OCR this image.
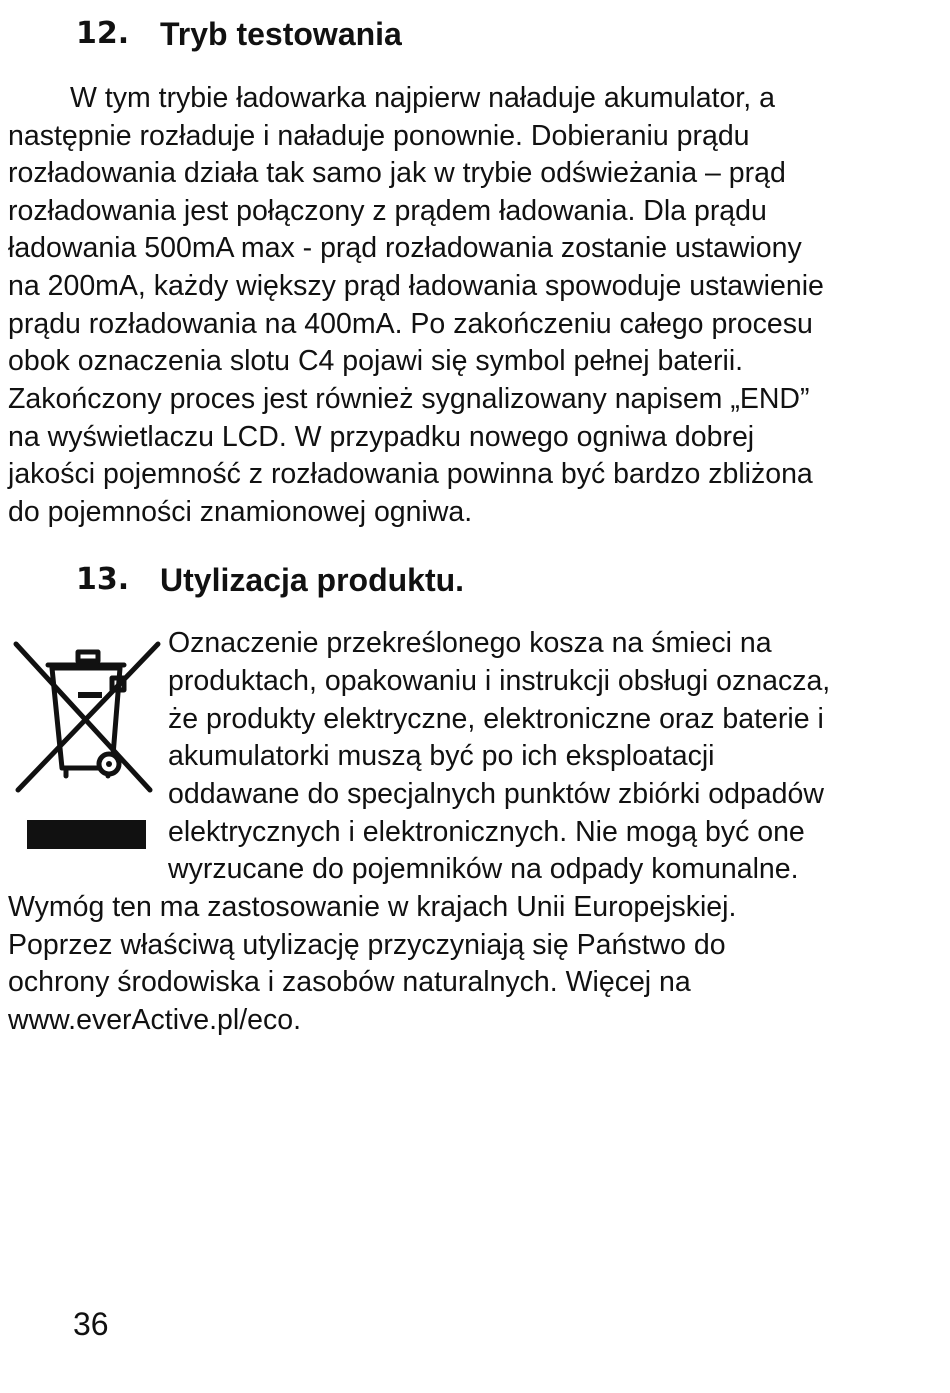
12. Tryb testowania

W tym trybie ładowarka najpierw naładuje akumulator, a

następnie rozładuje i naładuje ponownie. Dobieraniu prądu

rozładowania działa tak samo jak w trybie odświeżania – prąd

rozładowania jest połączony z prądem ładowania. Dla prądu

ładowania 500mA max - prąd rozładowania zostanie ustawiony

na 200mA, każdy większy prąd ładowania spowoduje ustawienie

prądu rozładowania na 400mA. Po zakończeniu całego procesu

obok oznaczenia slotu C4 pojawi się symbol pełnej baterii.

Zakończony proces jest również sygnalizowany napisem „END”

na wyświetlaczu LCD. W przypadku nowego ogniwa dobrej

jakości pojemność z rozładowania powinna być bardzo zbliżona

do pojemności znamionowej ogniwa.

13. Utylizacja produktu.

Oznaczenie przekreślonego kosza na śmieci na

produktach, opakowaniu i instrukcji obsługi oznacza,

że produkty elektryczne, elektroniczne oraz baterie i

akumulatorki muszą być po ich eksploatacji

oddawane do specjalnych punktów zbiórki odpadów

elektrycznych i elektronicznych. Nie mogą być one

wyrzucane do pojemników na odpady komunalne.

Wymóg ten ma zastosowanie w krajach Unii Europejskiej.

Poprzez właściwą utylizację przyczyniają się Państwo do

ochrony środowiska i zasobów naturalnych. Więcej na

www.everActive.pl/eco.

36
